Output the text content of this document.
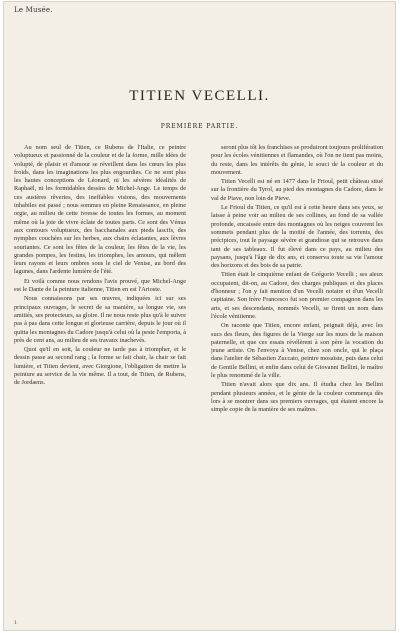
Le Musée.
TITIEN VECELLI.
PREMIÈRE PARTIE.

Au nom seul de Titien, ce Rubens de l'Italie, ce peintre voluptueux et passionné de la couleur et de la forme, mille idées de volupté, de plaisir et d'amour se réveillent dans les cœurs les plus froids, dans les imaginations les plus engourdies. Ce ne sont plus les hautes conceptions de Léonard, ni les sévères idéalités de Raphaël, ni les formidables dessins de Michel-Ange. Le temps de ces austères rêveries, des ineffables visions, des mouvements inhabiles est passé ; nous sommes en pleine Renaissance, en pleine orgie, au milieu de cette ivresse de toutes les formes, au moment même où la joie de vivre éclate de toutes parts. Ce sont des Vénus aux contours voluptueux, des bacchanales aux pieds lascifs, des nymphes couchées sur les herbes, aux chairs éclatantes, aux lèvres souriantes. Ce sont les fêtes de la couleur, les fêtes de la vie, les grandes pompes, les festins, les triomphes, les amours, qui mêlent leurs rayons et leurs ombres sous le ciel de Venise, au bord des lagunes, dans l'ardente lumière de l'été.

Et voilà comme nous rendons l'avis prouvé, que Michel-Ange est le Dante de la peinture italienne, Titien en est l'Arioste.

Nous connaissons par ses œuvres, indiquées ici sur ses principaux ouvrages, le secret de sa manière, sa longue vie, ses amitiés, ses protecteurs, sa gloire. Il ne nous reste plus qu'à le suivre pas à pas dans cette longue et glorieuse carrière, depuis le jour où il quitta les montagnes du Cadore jusqu'à celui où la peste l'emporta, à près de cent ans, au milieu de ses travaux inachevés.

Quoi qu'il en soit, la couleur ne tarde pas à triompher, et le dessin passe au second rang ; la forme se fait chair, la chair se fait lumière, et Titien devient, avec Giorgione, l'obligation de mettre la peinture au service de la vie même. Il a tout, de Titien, de Rubens, de Jordaens.

seront plus tôt les franchises se produiront toujours prolifération pour les écoles vénitiennes et flamandes, où l'on ne tient pas moins, du reste, dans les intérêts du génie, le souci de la couleur et du mouvement.

Titien Vecelli est né en 1477 dans le Frioul, petit château situé sur la frontière du Tyrol, au pied des montagnes du Cadore, dans le val de Piave, non loin de Pieve.

Le Frioul du Titien, ce qu'il est à cette heure dans ses yeux, se laisse à peine voir au milieu de ses collines, au fond de sa vallée profonde, encaissée entre des montagnes où les neiges couvrent les sommets pendant plus de la moitié de l'année, des torrents, des précipices, tout le paysage sévère et grandiose qui se retrouve dans tant de ses tableaux. Il fut élevé dans ce pays, au milieu des paysans, jusqu'à l'âge de dix ans, et conserva toute sa vie l'amour des horizons et des bois de sa patrie.

Titien était le cinquième enfant de Grégorio Vecelli ; ses aïeux occupaient, dit-on, au Cadore, des charges publiques et des places d'honneur ; l'on y fait mention d'un Vecelli notaire et d'un Vecelli capitaine. Son frère Francesco fut son premier compagnon dans les arts, et ses descendants, nommés Vecelli, se firent un nom dans l'école vénitienne.

On raconte que Titien, encore enfant, peignait déjà, avec les sucs des fleurs, des figures de la Vierge sur les murs de la maison paternelle, et que ces essais révélèrent à son père la vocation du jeune artiste. On l'envoya à Venise, chez son oncle, qui le plaça dans l'atelier de Sébastien Zuccato, peintre mosaïste, puis dans celui de Gentile Bellini, et enfin dans celui de Giovanni Bellini, le maître le plus renommé de la ville.

Titien n'avait alors que dix ans. Il étudia chez les Bellini pendant plusieurs années, et le génie de la couleur commença dès lors à se montrer dans ses premiers ouvrages, qui étaient encore la simple copie de la manière de ses maîtres.

1
